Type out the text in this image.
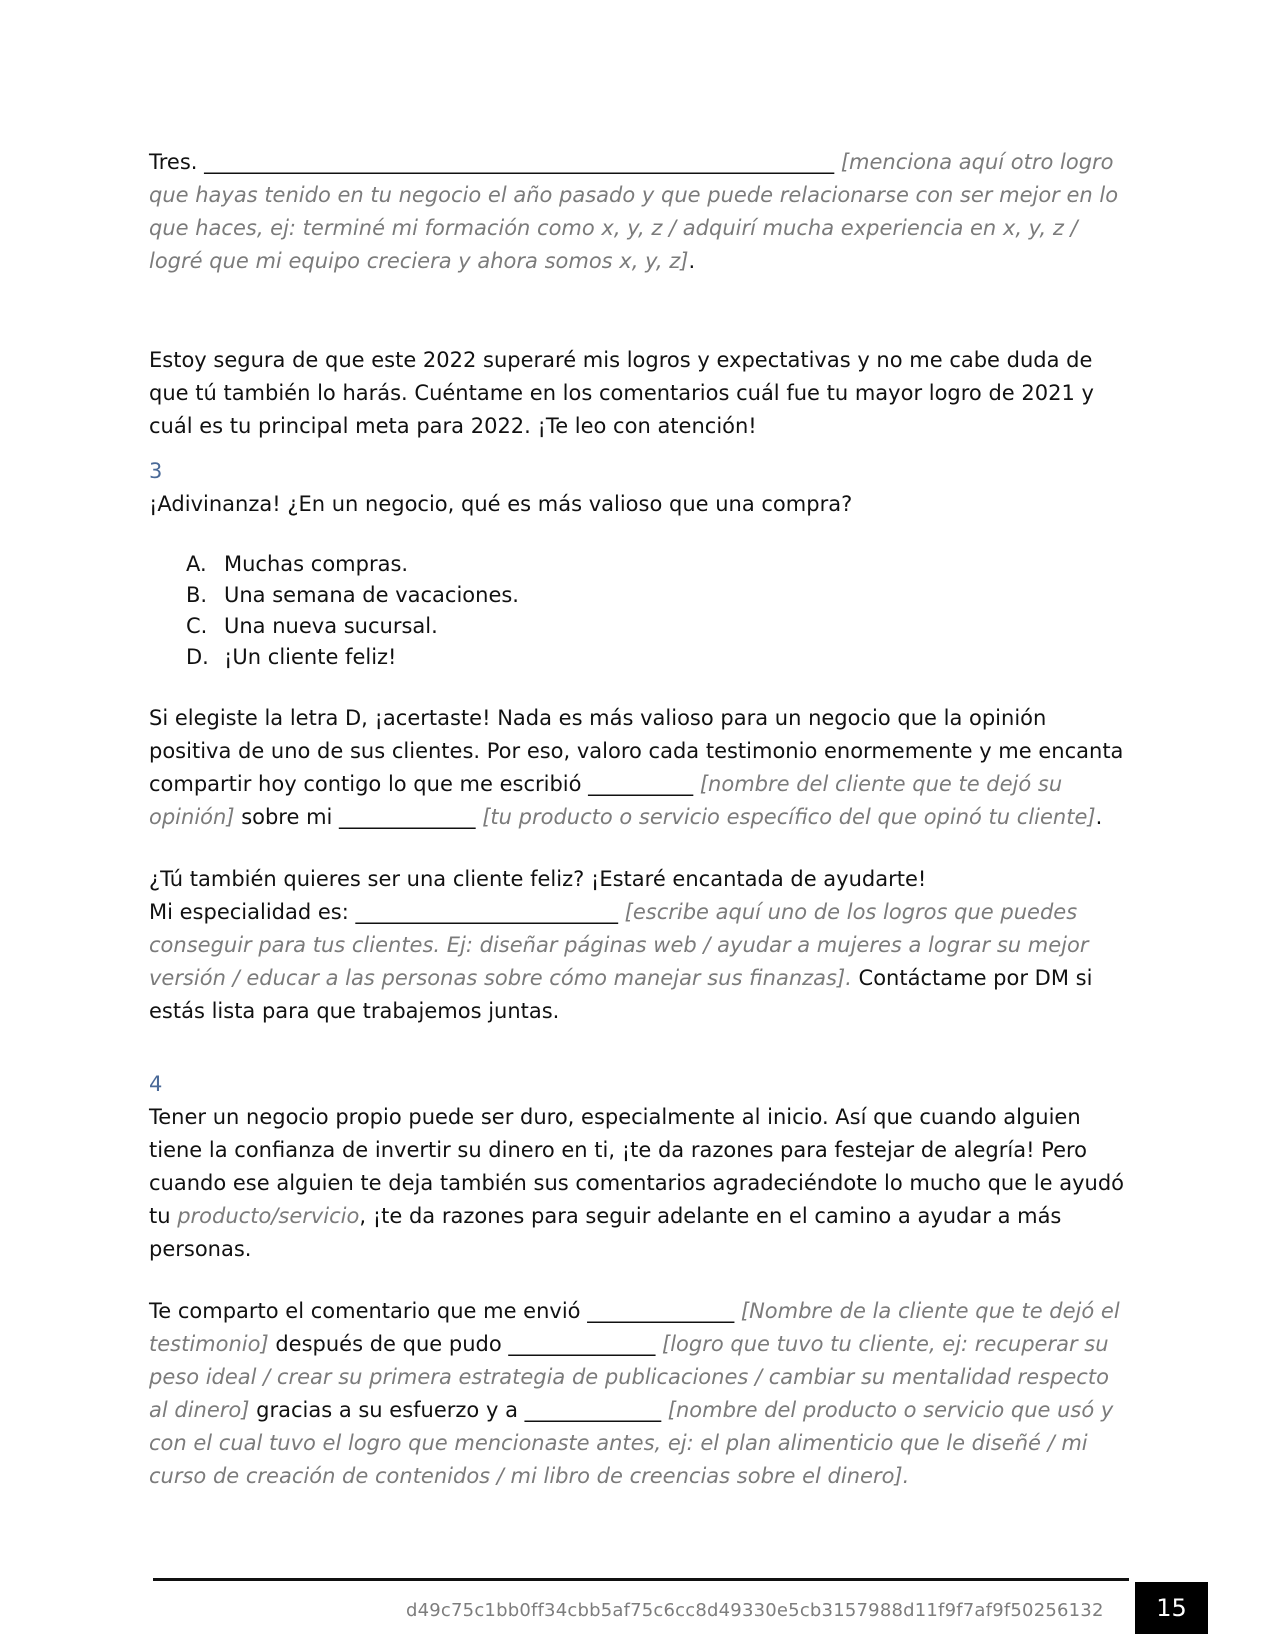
Tres. ____________________________________________________________ [menciona aquí otro logro que hayas tenido en tu negocio el año pasado y que puede relacionarse con ser mejor en lo que haces, ej: terminé mi formación como x, y, z / adquirí mucha experiencia en x, y, z / logré que mi equipo creciera y ahora somos x, y, z].

Estoy segura de que este 2022 superaré mis logros y expectativas y no me cabe duda de que tú también lo harás. Cuéntame en los comentarios cuál fue tu mayor logro de 2021 y cuál es tu principal meta para 2022. ¡Te leo con atención!

3

¡Adivinanza! ¿En un negocio, qué es más valioso que una compra?

A. Muchas compras.
B. Una semana de vacaciones.
C. Una nueva sucursal.
D. ¡Un cliente feliz!

Si elegiste la letra D, ¡acertaste! Nada es más valioso para un negocio que la opinión positiva de uno de sus clientes. Por eso, valoro cada testimonio enormemente y me encanta compartir hoy contigo lo que me escribió __________ [nombre del cliente que te dejó su opinión] sobre mi _____________ [tu producto o servicio específico del que opinó tu cliente].

¿Tú también quieres ser una cliente feliz? ¡Estaré encantada de ayudarte!

Mi especialidad es: _________________________ [escribe aquí uno de los logros que puedes conseguir para tus clientes. Ej: diseñar páginas web / ayudar a mujeres a lograr su mejor versión / educar a las personas sobre cómo manejar sus finanzas]. Contáctame por DM si estás lista para que trabajemos juntas.

4

Tener un negocio propio puede ser duro, especialmente al inicio. Así que cuando alguien tiene la confianza de invertir su dinero en ti, ¡te da razones para festejar de alegría! Pero cuando ese alguien te deja también sus comentarios agradeciéndote lo mucho que le ayudó tu producto/servicio, ¡te da razones para seguir adelante en el camino a ayudar a más personas.

Te comparto el comentario que me envió ______________ [Nombre de la cliente que te dejó el testimonio] después de que pudo ______________ [logro que tuvo tu cliente, ej: recuperar su peso ideal / crear su primera estrategia de publicaciones / cambiar su mentalidad respecto al dinero] gracias a su esfuerzo y a _____________ [nombre del producto o servicio que usó y con el cual tuvo el logro que mencionaste antes, ej: el plan alimenticio que le diseñé / mi curso de creación de contenidos / mi libro de creencias sobre el dinero].

d49c75c1bb0ff34cbb5af75c6cc8d49330e5cb3157988d11f9f7af9f50256132 15
